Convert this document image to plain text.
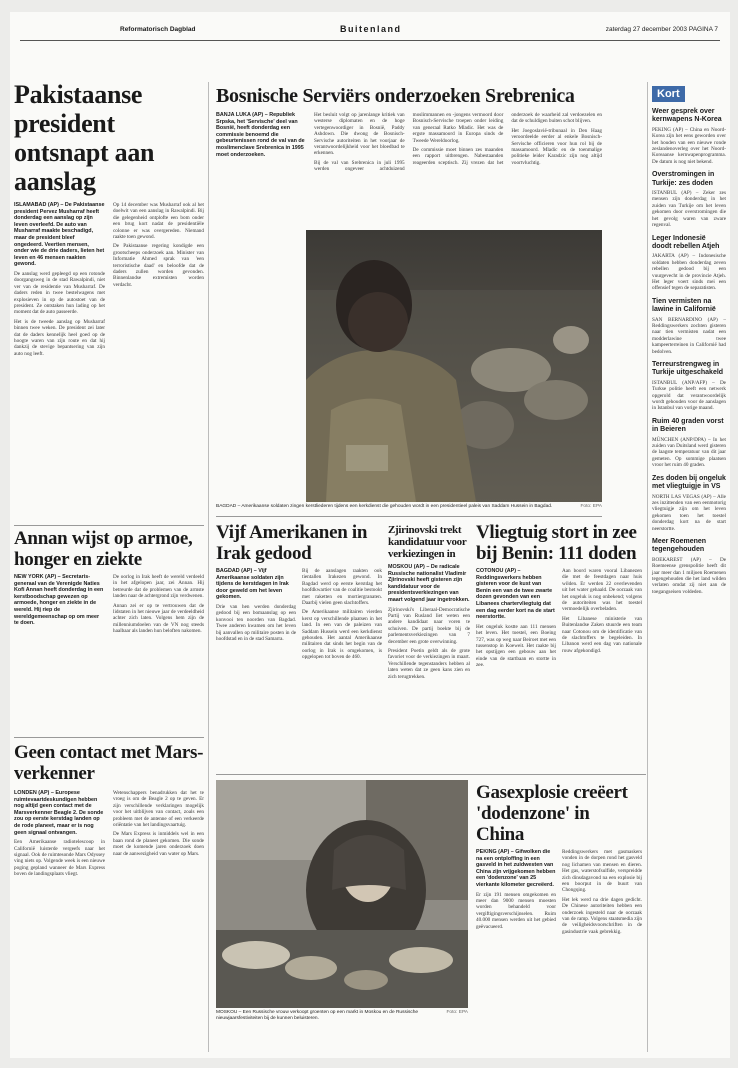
Reformatorisch Dagblad	Buitenland	zaterdag 27 december 2003 PAGINA 7
Pakistaanse president ontsnapt aan aanslag
ISLAMABAD (AP) – De Pakistaanse president Pervez Musharraf heeft donderdag een aanslag op zijn leven overleefd. De auto van Musharraf maakte beschadigd, maar de president bleef ongedeerd. Veertien mensen, onder wie de drie daders, lieten het leven en 46 mensen raakten gewond.

De aanslag werd gepleegd op een rotonde doorgangsweg in de stad Rawalpindi, niet ver van de residentie van Musharraf. De daders reden in twee bestelwagens met explosieven in op de autostoet van de president. Ze ontstaken hun lading op het moment dat de auto passeerde.

Het is de tweede aanslag op Musharraf binnen twee weken. De president zei later dat de daders kennelijk heel goed op de hoogte waren van zijn route en dat hij dankzij de stevige bepantsering van zijn auto nog leeft.

Op 14 december was Musharraf ook al het doelwit van een aanslag in Rawalpindi. Bij die gelegenheid ontplofte een bom onder een brug kort nadat de presidentiële colonne er was overgereden. Niemand raakte toen gewond.

De Pakistaanse regering kondigde een grootscheeps onderzoek aan. Minister van Informatie Ahmed sprak van 'een terroristische daad' en beloofde dat de daders zullen worden gevonden. Binnenlandse extremisten worden verdacht.

Annan wijst op armoe, honger en ziekte
NEW YORK (AP) – Secretaris-generaal van de Verenigde Naties Kofi Annan heeft donderdag in een kerstboodschap gewezen op armoede, honger en ziekte in de wereld. Hij riep de wereldgemeenschap op om meer te doen.

De oorlog in Irak heeft de wereld verdeeld in het afgelopen jaar, zei Annan. Hij betreurde dat de problemen van de armste landen naar de achtergrond zijn verdwenen.

Annan zei er op te vertrouwen dat de lidstaten in het nieuwe jaar de verdeeldheid achter zich laten. Volgens hem zijn de millenniumdoelen van de VN nog steeds haalbaar als landen hun beloften nakomen.

Geen contact met Mars-verkenner
LONDEN (AP) – Europese ruimtevaartdeskundigen hebben nog altijd geen contact met de Marsverkenner Beagle 2. De sonde zou op eerste kerstdag landen op de rode planeet, maar er is nog geen signaal ontvangen.

Een Amerikaanse radiotelescoop in Californië luisterde vergeefs naar het signaal. Ook de ruimtesonde Mars Odyssey ving niets op. Volgende week is een nieuwe poging gepland wanneer de Mars Express boven de landingsplaats vliegt.

Wetenschappers benadrukken dat het te vroeg is om de Beagle 2 op te geven. Er zijn verschillende verklaringen mogelijk voor het uitblijven van contact, zoals een probleem met de antenne of een verkeerde oriëntatie van het landingsvaartuig.

De Mars Express is inmiddels wel in een baan rond de planeet gekomen. Die sonde moet de komende jaren onderzoek doen naar de aanwezigheid van water op Mars.

Bosnische Serviërs onderzoeken Srebrenica
BANJA LUKA (AP) – Republiek Srpska, het 'Servische' deel van Bosnië, heeft donderdag een commissie benoemd die gebeurtenissen rond de val van de moslimenclave Srebrenica in 1995 moet onderzoeken.

Het besluit volgt op jarenlange kritiek van westerse diplomaten en de hoge vertegenwoordiger in Bosnië, Paddy Ashdown. Die dwong de Bosnisch-Servische autoriteiten in het voorjaar de verantwoordelijkheid voor het bloedbad te erkennen.

Bij de val van Srebrenica in juli 1995 werden ongeveer achtduizend moslimmannen en -jongens vermoord door Bosnisch-Servische troepen onder leiding van generaal Ratko Mladic. Het was de ergste massamoord in Europa sinds de Tweede Wereldoorlog.

De commissie moet binnen zes maanden een rapport uitbrengen. Nabestaanden reageerden sceptisch. Zij vrezen dat het onderzoek de waarheid zal verdoezelen en dat de schuldigen buiten schot blijven.

Het Joegoslavië-tribunaal in Den Haag veroordeelde eerder al enkele Bosnisch-Servische officieren voor hun rol bij de massamoord. Mladic en de toenmalige politieke leider Karadzic zijn nog altijd voortvluchtig.

Foto: EPA
BAGDAD – Amerikaanse soldaten zingen kerstliederen tijdens een kerkdienst die gehouden wordt in een presidentieel paleis van Saddam Hussein in Bagdad.
Vijf Amerikanen in Irak gedood
BAGDAD (AP) – Vijf Amerikaanse soldaten zijn tijdens de kerstdagen in Irak door geweld om het leven gekomen.

Drie van hen werden donderdag gedood bij een bomaanslag op een konvooi ten noorden van Bagdad. Twee anderen kwamen om het leven bij aanvallen op militaire posten in de hoofdstad en in de stad Samarra.

Bij de aanslagen raakten ook tientallen Irakezen gewond. In Bagdad werd op eerste kerstdag het hoofdkwartier van de coalitie bestookt met raketten en mortiergranaten. Daarbij vielen geen slachtoffers.

De Amerikaanse militairen vierden kerst op verschillende plaatsen in het land. In een van de paleizen van Saddam Hussein werd een kerkdienst gehouden. Het aantal Amerikaanse militairen dat sinds het begin van de oorlog in Irak is omgekomen, is opgelopen tot boven de 460.

Zjirinovski trekt kandidatuur voor verkiezingen in
MOSKOU (AP) – De radicale Russische nationalist Vladimir Zjirinovski heeft gisteren zijn kandidatuur voor de presidentsverkiezingen van maart volgend jaar ingetrokken.

Zjirinovski's Liberaal-Democratische Partij van Rusland liet weten een andere kandidaat naar voren te schuiven. De partij boekte bij de parlementsverkiezingen van 7 december een grote overwinning.

President Poetin geldt als de grote favoriet voor de verkiezingen in maart. Verschillende tegenstanders hebben al laten weten dat ze geen kans zien en zich terugtrekken.

Vliegtuig stort in zee bij Benin: 111 doden
COTONOU (AP) – Reddingswerkers hebben gisteren voor de kust van Benin een van de twee zwarte dozen gevonden van een Libanees chartervliegtuig dat een dag eerder kort na de start neerstortte.

Het ongeluk kostte aan 111 mensen het leven. Het toestel, een Boeing 727, was op weg naar Beiroet met een tussenstop in Koeweit. Het raakte bij het opstijgen een gebouw aan het einde van de startbaan en stortte in zee.

Aan boord waren vooral Libanezen die met de feestdagen naar huis wilden. Er werden 22 overlevenden uit het water gehaald. De oorzaak van het ongeluk is nog onbekend; volgens de autoriteiten was het toestel vermoedelijk overbeladen.

Het Libanese ministerie van Buitenlandse Zaken stuurde een team naar Cotonou om de identificatie van de slachtoffers te begeleiden. In Libanon werd een dag van nationale rouw afgekondigd.

Foto: EPA
MOSKOU – Een Russische vrouw verkoopt groenten op een markt in Moskou en de Russische nieuwjaarsfestiviteiten bij de kunnen beluisteren.
Gasexplosie creëert 'dodenzone' in China
PEKING (AP) – Gifwolken die na een ontploffing in een gasveld in het zuidwesten van China zijn vrijgekomen hebben een 'dodenzone' van 25 vierkante kilometer gecreëerd.

Er zijn 191 mensen omgekomen en meer dan 9000 mensen moesten worden behandeld voor vergiftigingsverschijnselen. Ruim 40.000 mensen werden uit het gebied geëvacueerd.

Reddingswerkers met gasmaskers vonden in de dorpen rond het gasveld nog lichamen van mensen en dieren. Het gas, waterstofsulfide, verspreidde zich dinsdagavond na een explosie bij een boorput in de buurt van Chongqing.

Het lek werd na drie dagen gedicht. De Chinese autoriteiten hebben een onderzoek ingesteld naar de oorzaak van de ramp. Volgens staatsmedia zijn de veiligheidsvoorschriften in de gasindustrie vaak gebrekkig.

Kort
Weer gesprek over kernwapens N-Korea

PEKING (AP) – China en Noord-Korea zijn het eens geworden over het houden van een nieuwe ronde zeslandenoverleg over het Noord-Koreaanse kernwapenprogramma. De datum is nog niet bekend.

Overstromingen in Turkije: zes doden

ISTANBUL (AP) – Zeker zes mensen zijn donderdag in het zuiden van Turkije om het leven gekomen door overstromingen die het gevolg waren van zware regenval.

Leger Indonesië doodt rebellen Atjeh

JAKARTA (AP) – Indonesische soldaten hebben donderdag zeven rebellen gedood bij een vuurgevecht in de provincie Atjeh. Het leger voert sinds mei een offensief tegen de separatisten.

Tien vermisten na lawine in Californië

SAN BERNARDINO (AP) – Reddingswerkers zochten gisteren naar tien vermisten nadat een modderlawine twee kampeerterreinen in Californië had bedolven.

Terreurstrengweg in Turkije uitgeschakeld

ISTANBUL (ANP/AFP) – De Turkse politie heeft een netwerk opgerold dat verantwoordelijk wordt gehouden voor de aanslagen in Istanbul van vorige maand.

Ruim 40 graden vorst in Beieren

MÜNCHEN (ANP/DPA) – In het zuiden van Duitsland werd gisteren de laagste temperatuur van dit jaar gemeten. Op sommige plaatsen vroor het ruim 40 graden.

Zes doden bij ongeluk met vliegtuigje in VS

NORTH LAS VEGAS (AP) – Alle zes inzittenden van een eenmotorig vliegtuigje zijn om het leven gekomen toen het toestel donderdag kort na de start neerstortte.

Meer Roemenen tegengehouden

BOEKAREST (AP) – De Roemeense grenspolitie heeft dit jaar meer dan 1 miljoen Roemenen tegengehouden die het land wilden verlaten omdat zij niet aan de toegangseisen voldeden.
